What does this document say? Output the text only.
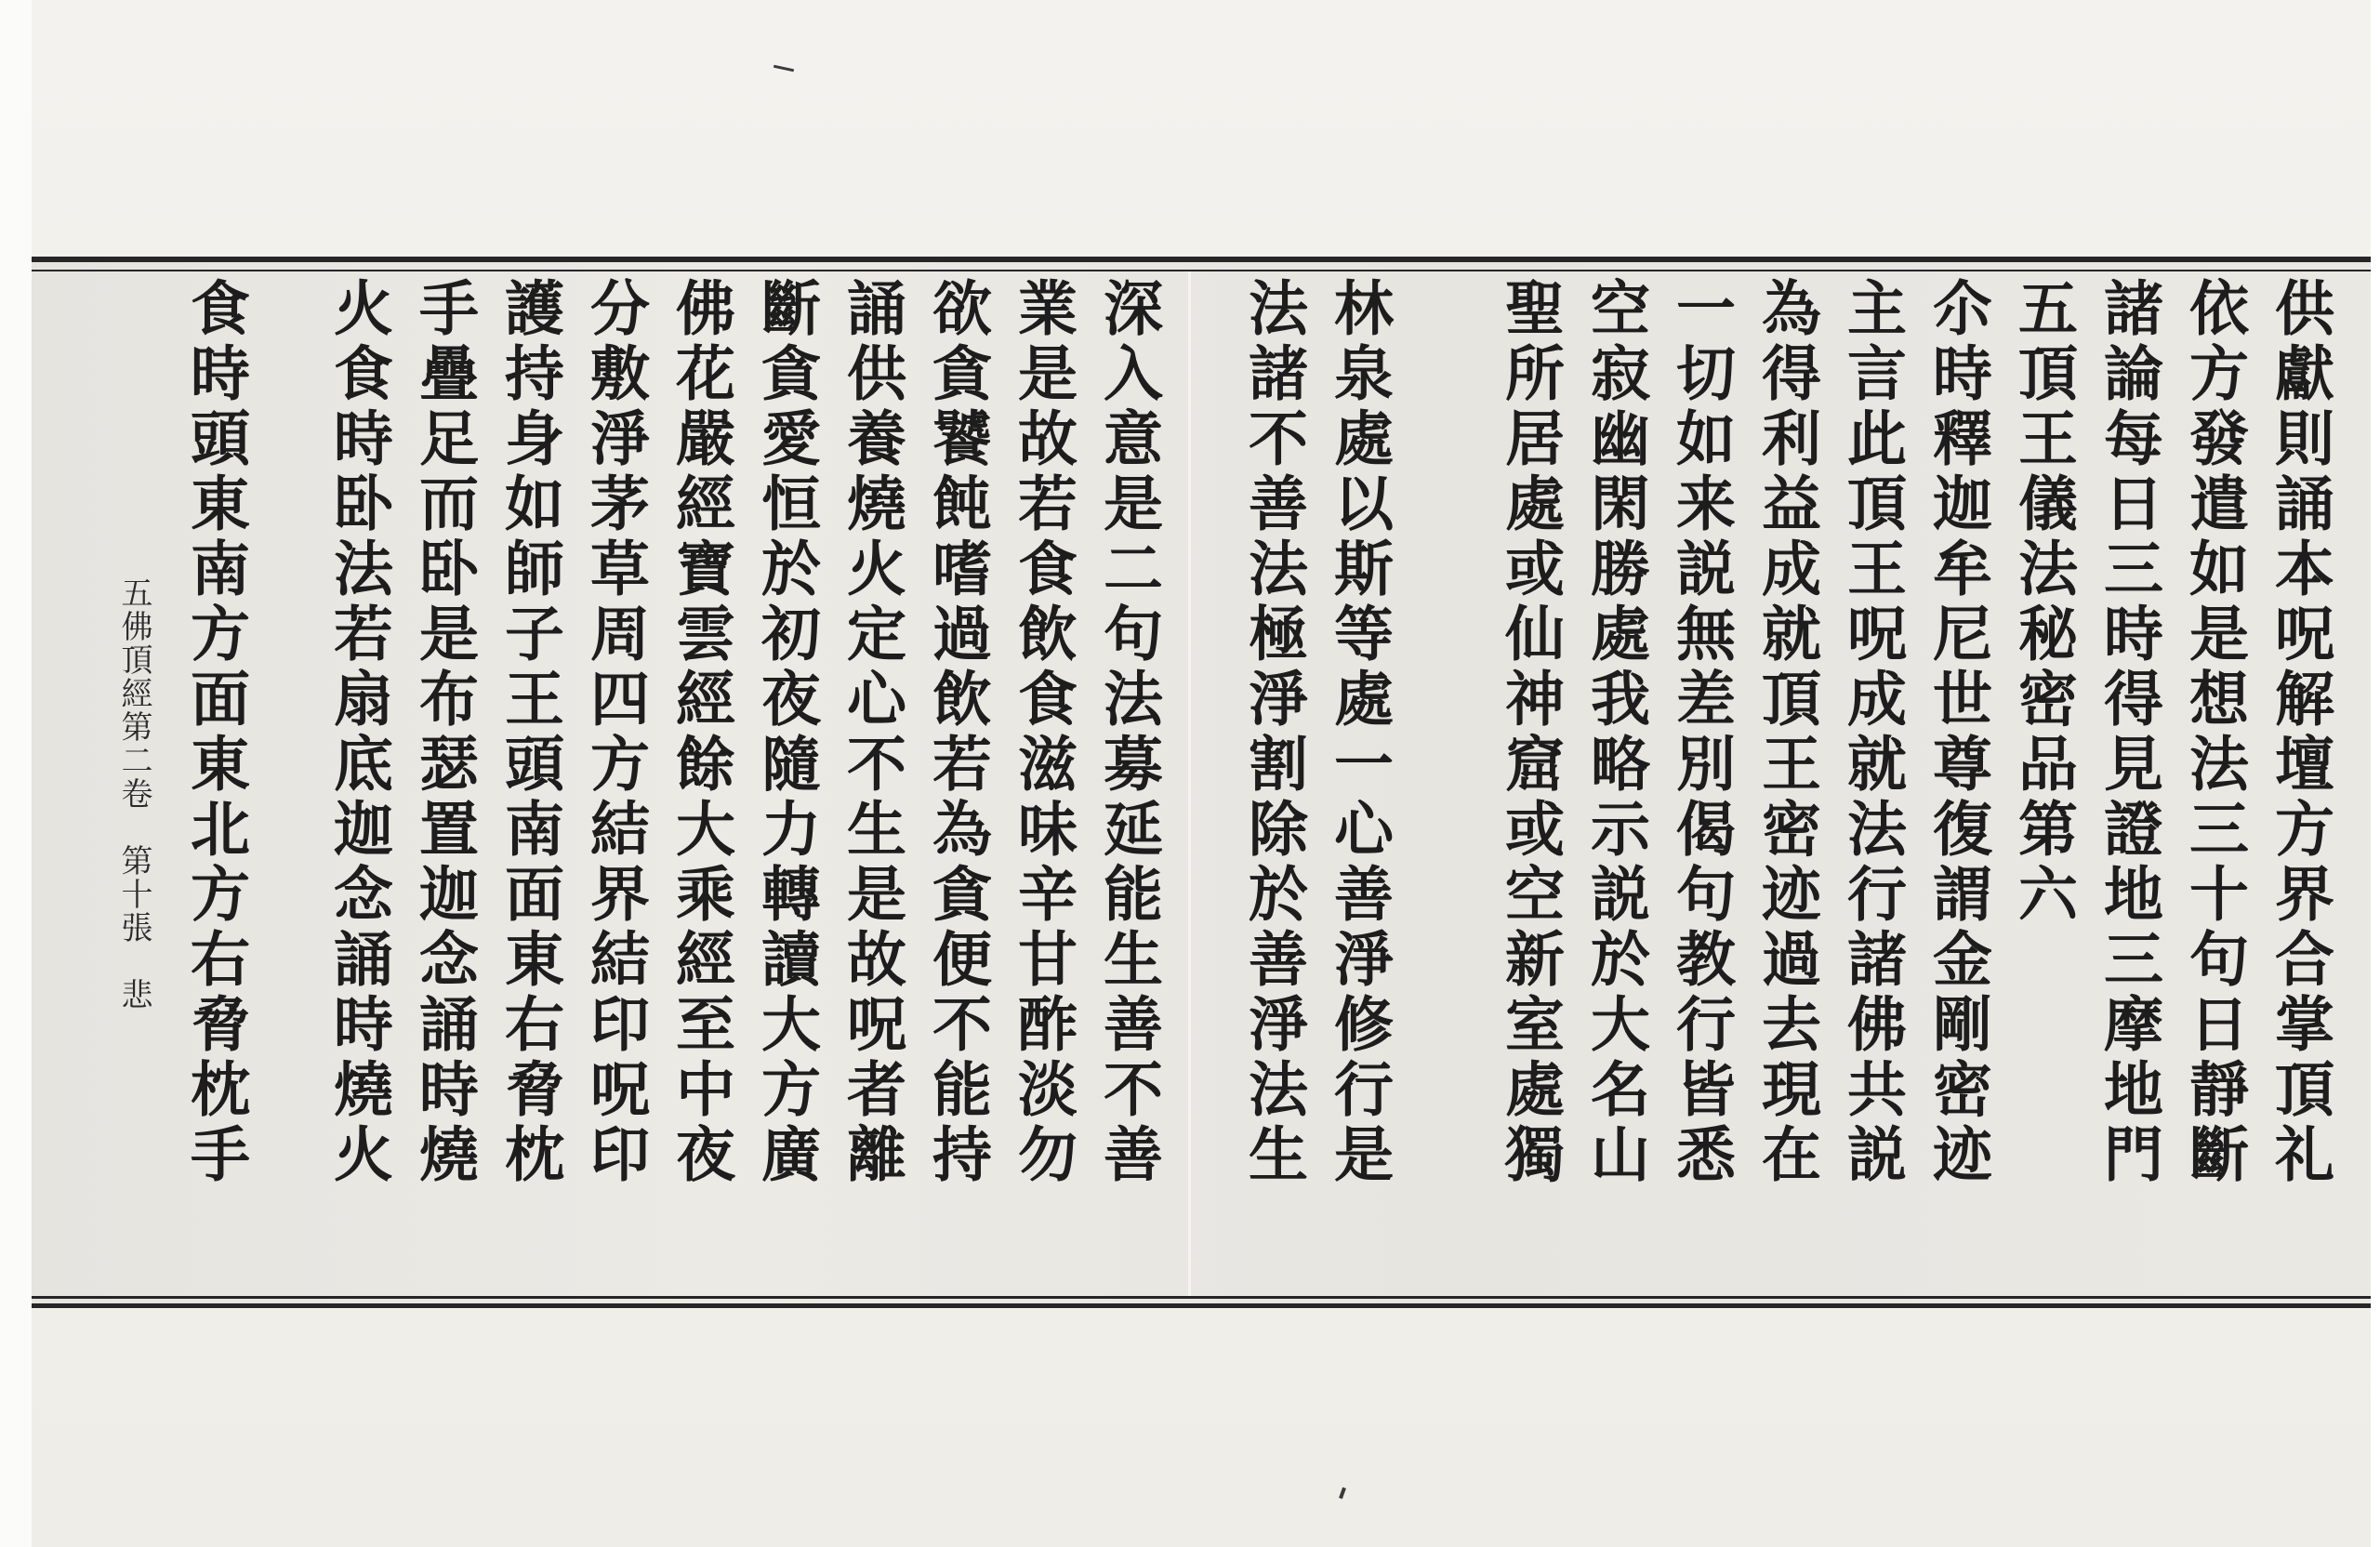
供獻則誦本呪解壇方界合掌頂礼
依方發遣如是想法三十句日靜斷
諸論每日三時得見證地三摩地門
五頂王儀法秘密品第六
尒時釋迦牟尼世尊復謂金剛密迹
主言此頂王呪成就法行諸佛共説
為得利益成就頂王密迹過去現在
一切如来説無差別偈句教行皆悉
空寂幽閑勝處我略示説於大名山
聖所居處或仙神窟或空新室處獨
林泉處以斯等處一心善淨修行是
法諸不善法極淨割除於善淨法生
深入意是二句法募延能生善不善
業是故若食飲食滋味辛甘酢淡勿
欲貪饕飩嗜過飲若為貪便不能持
誦供養燒火定心不生是故呪者離
斷貪愛恒於初夜隨力轉讀大方廣
佛花嚴經寶雲經餘大乘經至中夜
分敷淨茅草周四方結界結印呪印
護持身如師子王頭南面東右脅枕
手疊足而卧是布瑟置迦念誦時燒
火食時卧法若扇底迦念誦時燒火
食時頭東南方面東北方右脅枕手
五佛頂經第二卷　第十張　悲
